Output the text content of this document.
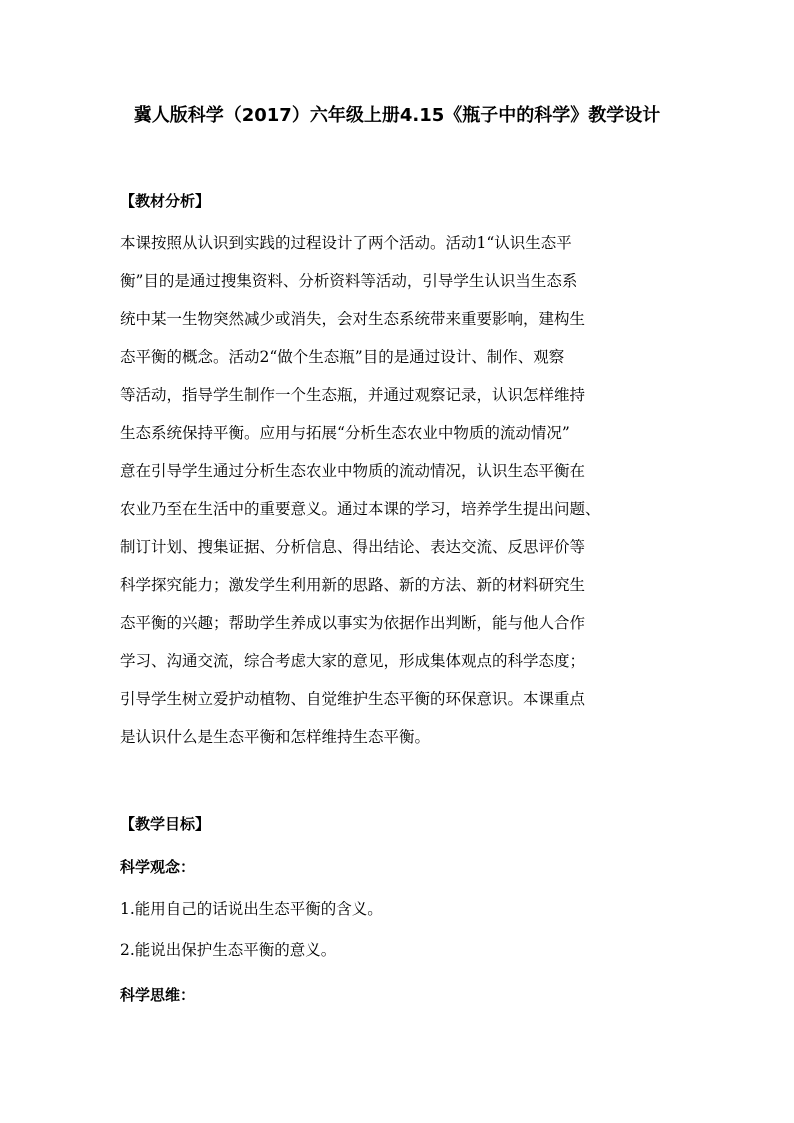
冀人版科学（2017）六年级上册4.15《瓶子中的科学》教学设计
【教材分析】
本课按照从认识到实践的过程设计了两个活动。活动1“认识生态平
衡”目的是通过搜集资料、分析资料等活动，引导学生认识当生态系
统中某一生物突然减少或消失，会对生态系统带来重要影响，建构生
态平衡的概念。活动2“做个生态瓶”目的是通过设计、制作、观察
等活动，指导学生制作一个生态瓶，并通过观察记录，认识怎样维持
生态系统保持平衡。应用与拓展“分析生态农业中物质的流动情况”
意在引导学生通过分析生态农业中物质的流动情况，认识生态平衡在
农业乃至在生活中的重要意义。通过本课的学习，培养学生提出问题、
制订计划、搜集证据、分析信息、得出结论、表达交流、反思评价等
科学探究能力；激发学生利用新的思路、新的方法、新的材料研究生
态平衡的兴趣；帮助学生养成以事实为依据作出判断，能与他人合作
学习、沟通交流，综合考虑大家的意见，形成集体观点的科学态度；
引导学生树立爱护动植物、自觉维护生态平衡的环保意识。本课重点
是认识什么是生态平衡和怎样维持生态平衡。
【教学目标】
科学观念：

1.能用自己的话说出生态平衡的含义。

2.能说出保护生态平衡的意义。

科学思维：
